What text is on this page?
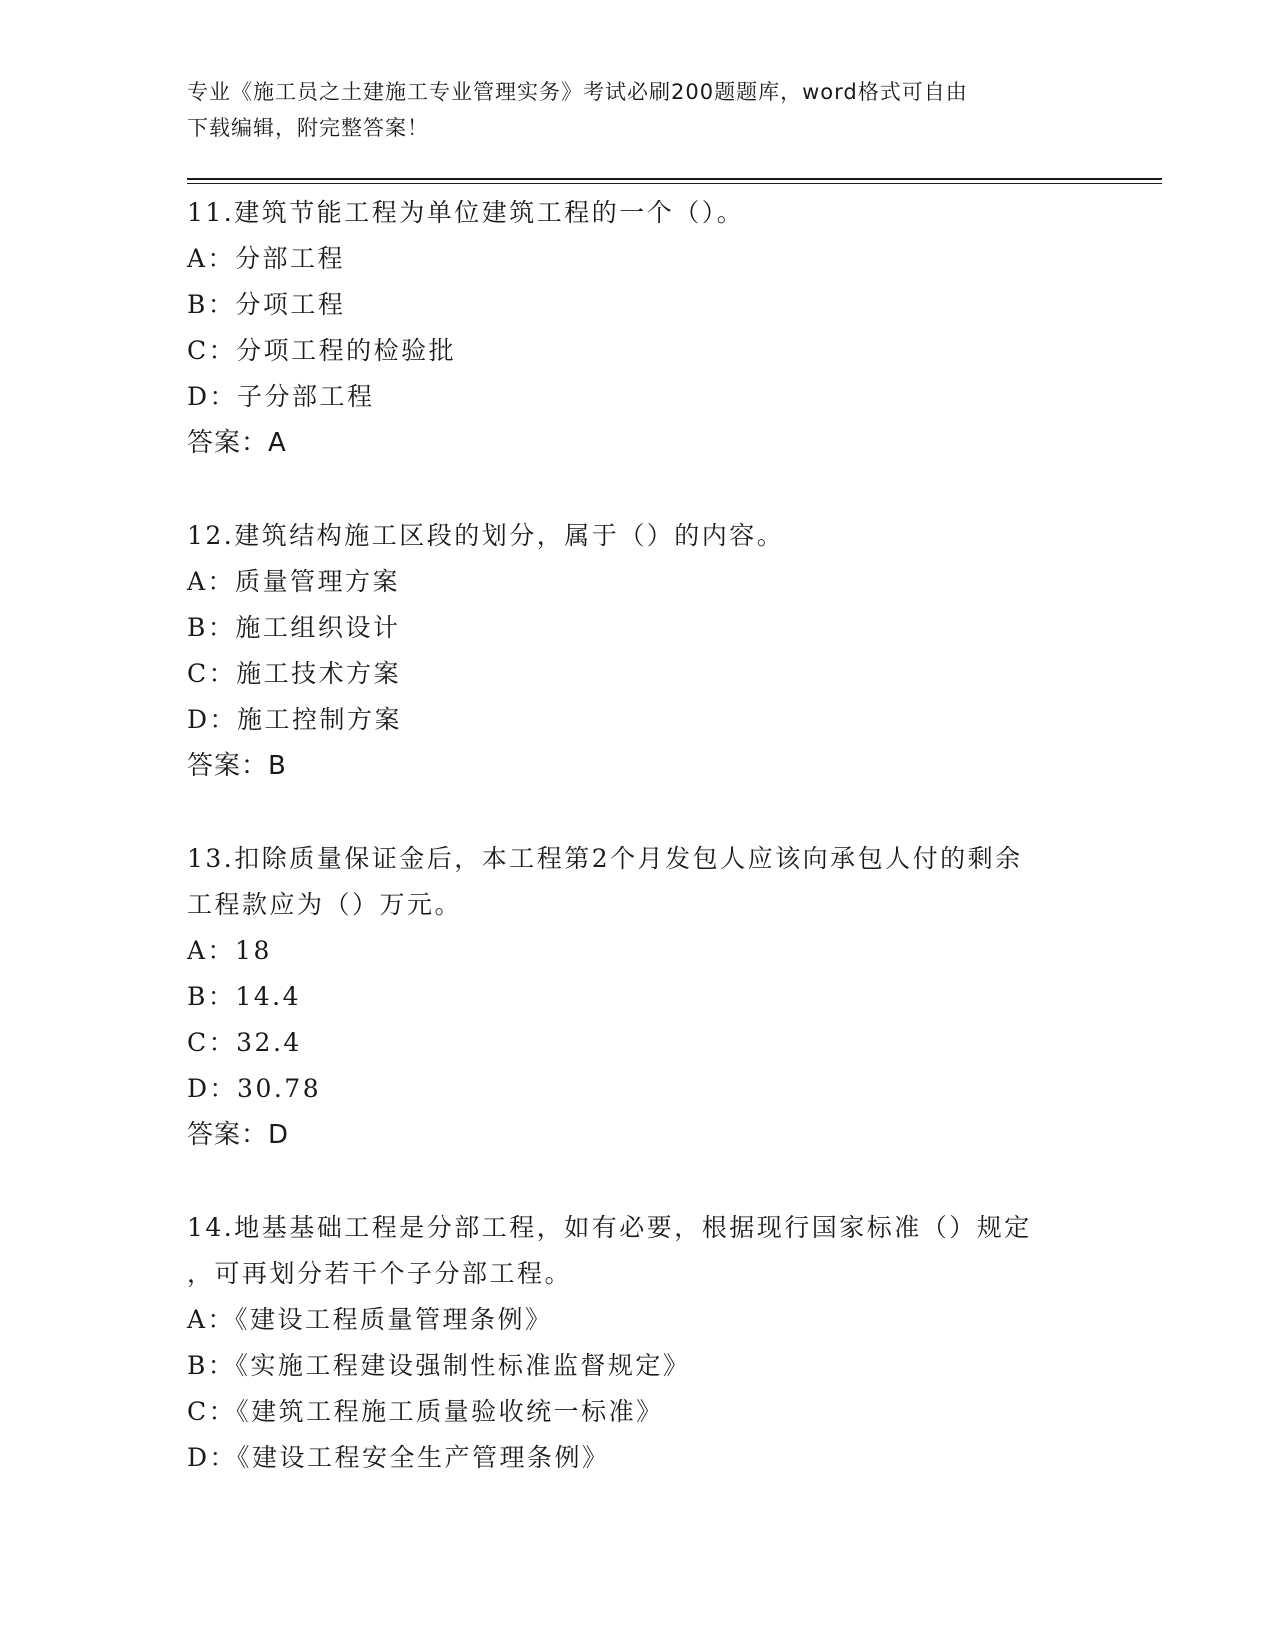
专业《施工员之土建施工专业管理实务》考试必刷200题题库，word格式可自由
下载编辑，附完整答案！
11.建筑节能工程为单位建筑工程的一个（）。
A：分部工程
B：分项工程
C：分项工程的检验批
D：子分部工程
答案：A
12.建筑结构施工区段的划分，属于（）的内容。
A：质量管理方案
B：施工组织设计
C：施工技术方案
D：施工控制方案
答案：B
13.扣除质量保证金后，本工程第2个月发包人应该向承包人付的剩余
工程款应为（）万元。
A：18
B：14.4
C：32.4
D：30.78
答案：D
14.地基基础工程是分部工程，如有必要，根据现行国家标准（）规定
，可再划分若干个子分部工程。
A：《建设工程质量管理条例》
B：《实施工程建设强制性标准监督规定》
C：《建筑工程施工质量验收统一标准》
D：《建设工程安全生产管理条例》
